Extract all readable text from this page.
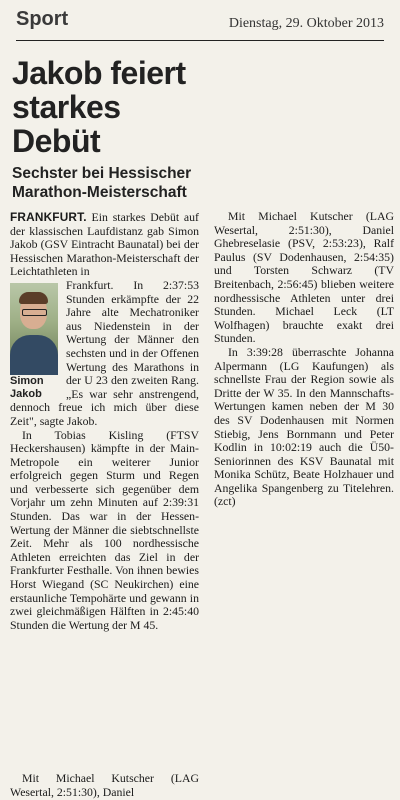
Sport	Dienstag, 29. Oktober 2013
Jakob feiert
starkes
Debüt
Sechster bei Hessischer Marathon-Meisterschaft

FRANKFURT. Ein starkes Debüt auf der klassischen Laufdistanz gab Simon Jakob (GSV Eintracht Baunatal) bei der Hessischen Marathon-Meisterschaft der Leichtathleten in

Simon
Jakob
Frankfurt. In 2:37:53 Stunden erkämpfte der 22 Jahre alte Mechatroniker aus Niedenstein in der Wertung der Männer den sechsten und in der Offenen Wertung des Marathons in der U 23 den zweiten Rang. „Es war sehr anstrengend, dennoch freue ich mich über diese Zeit", sagte Jakob.

In Tobias Kisling (FTSV Heckershausen) kämpfte in der Main-Metropole ein weiterer Junior erfolgreich gegen Sturm und Regen und verbesserte sich gegenüber dem Vorjahr um zehn Minuten auf 2:39:31 Stunden. Das war in der Hessen-Wertung der Männer die siebtschnellste Zeit. Mehr als 100 nordhessische Athleten erreichten das Ziel in der Frankfurter Festhalle. Von ihnen bewies Horst Wiegand (SC Neukirchen) eine erstaunliche Tempohärte und gewann in zwei gleichmäßigen Hälften in 2:45:40 Stunden die Wertung der M 45.

Mit Michael Kutscher (LAG Wesertal, 2:51:30), Daniel

Mit Michael Kutscher (LAG Wesertal, 2:51:30), Daniel Ghebreselasie (PSV, 2:53:23), Ralf Paulus (SV Dodenhausen, 2:54:35) und Torsten Schwarz (TV Breitenbach, 2:56:45) blieben weitere nordhessische Athleten unter drei Stunden. Michael Leck (LT Wolfhagen) brauchte exakt drei Stunden.

In 3:39:28 überraschte Johanna Alpermann (LG Kaufungen) als schnellste Frau der Region sowie als Dritte der W 35. In den Mannschafts-Wertungen kamen neben der M 30 des SV Dodenhausen mit Normen Stiebig, Jens Bornmann und Peter Kodlin in 10:02:19 auch die Ü50-Seniorinnen des KSV Baunatal mit Monika Schütz, Beate Holzhauer und Angelika Spangenberg zu Titelehren. (zct)
